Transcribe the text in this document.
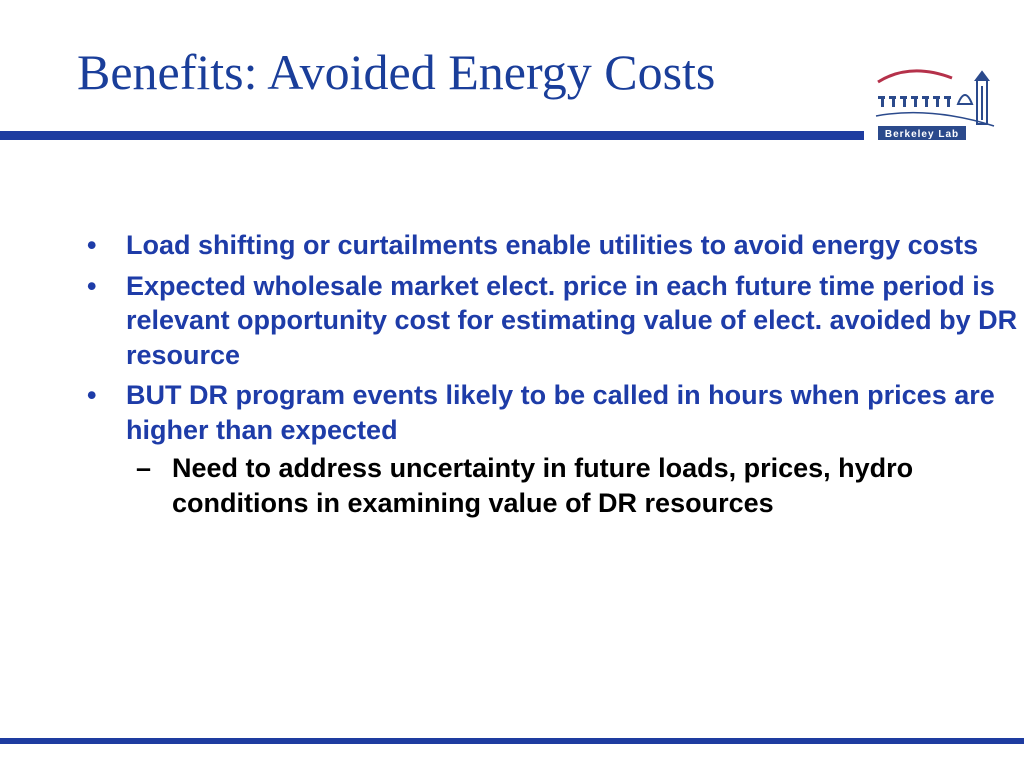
Benefits: Avoided Energy Costs
Berkeley Lab
• Load shifting or curtailments enable utilities to avoid energy costs
• Expected wholesale market elect. price in each future time period is relevant opportunity cost for estimating value of elect. avoided by DR resource
• BUT DR program events likely to be called in hours when prices are higher than expected
– Need to address uncertainty in future loads, prices, hydro conditions in examining value of DR resources
